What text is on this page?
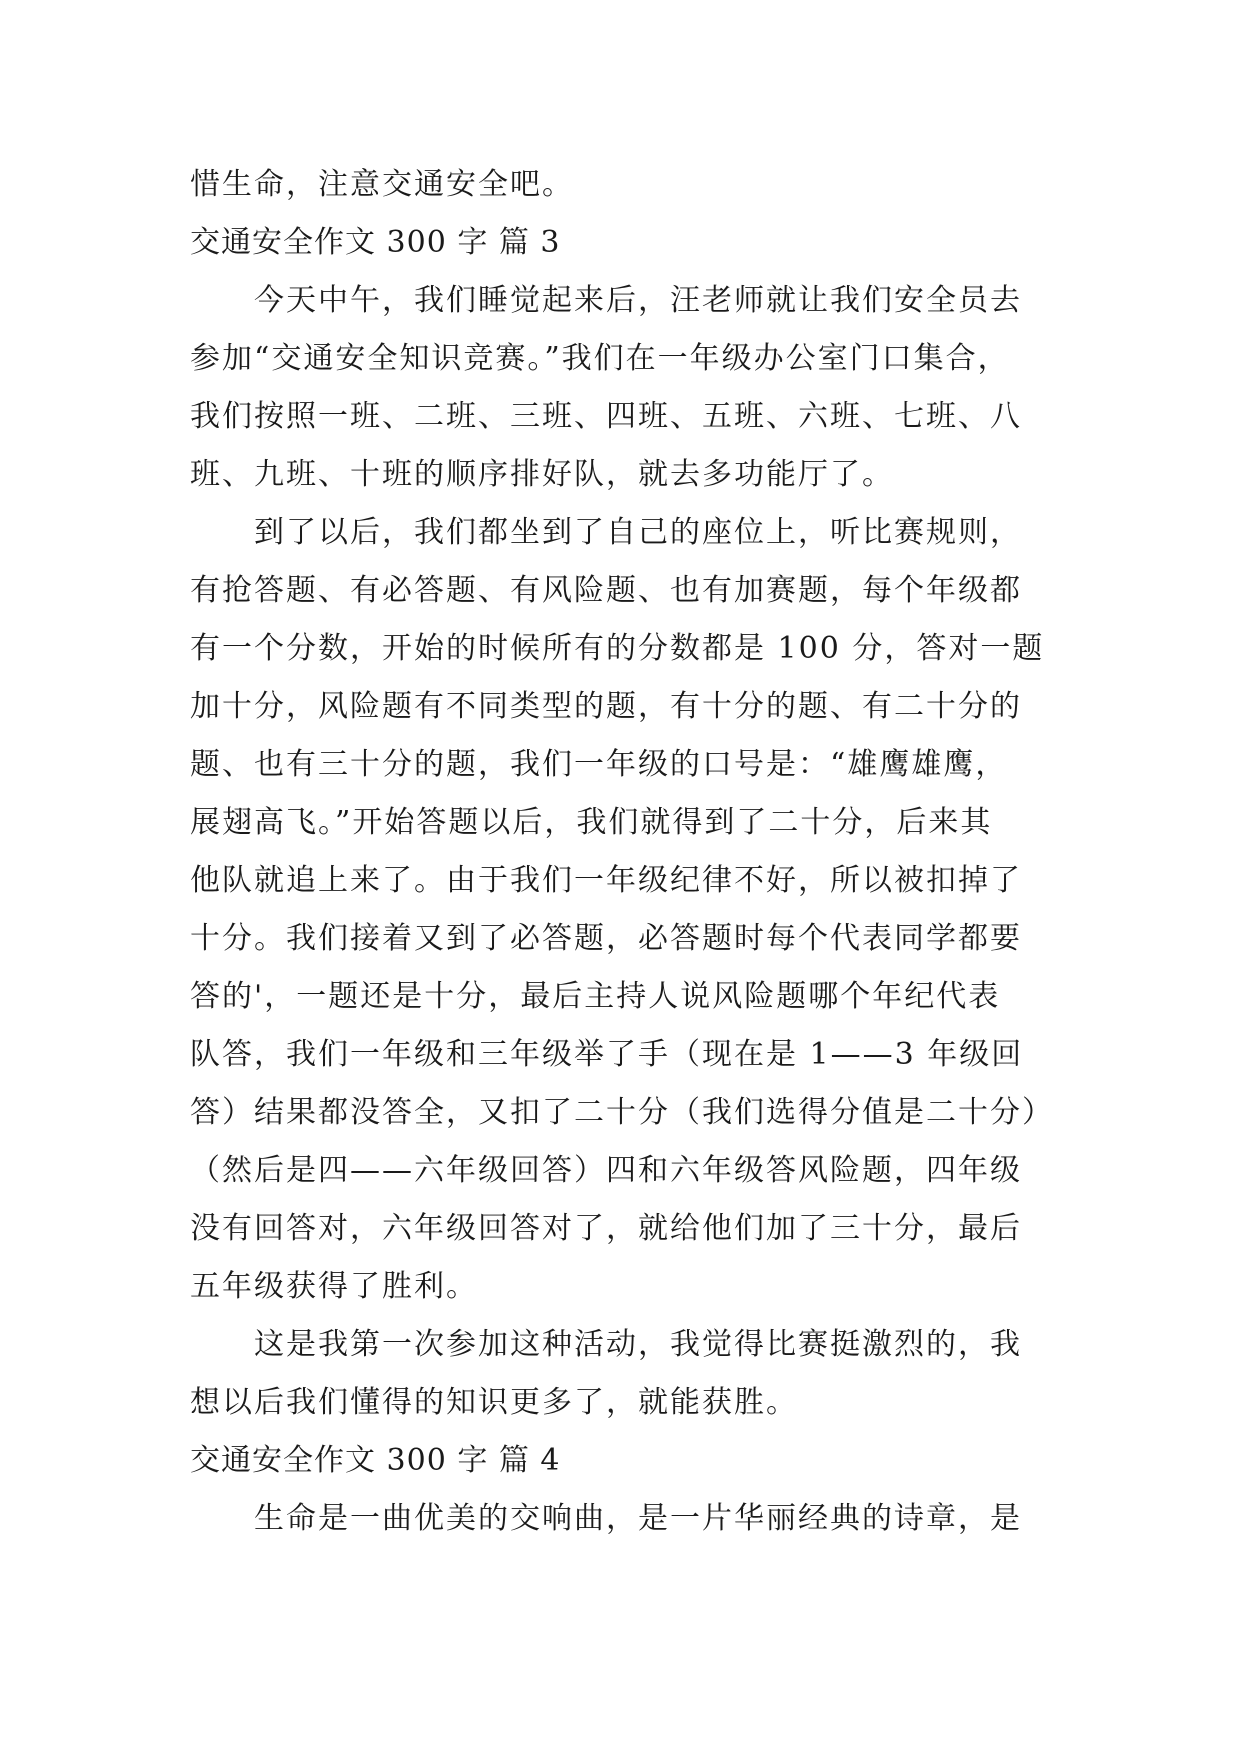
惜生命，注意交通安全吧。
交通安全作文 300 字 篇 3
今天中午，我们睡觉起来后，汪老师就让我们安全员去
参加“交通安全知识竞赛。”我们在一年级办公室门口集合，
我们按照一班、二班、三班、四班、五班、六班、七班、八
班、九班、十班的顺序排好队，就去多功能厅了。
到了以后，我们都坐到了自己的座位上，听比赛规则，
有抢答题、有必答题、有风险题、也有加赛题，每个年级都
有一个分数，开始的时候所有的分数都是 100 分，答对一题
加十分，风险题有不同类型的题，有十分的题、有二十分的
题、也有三十分的题，我们一年级的口号是：“雄鹰雄鹰，
展翅高飞。”开始答题以后，我们就得到了二十分，后来其
他队就追上来了。由于我们一年级纪律不好，所以被扣掉了
十分。我们接着又到了必答题，必答题时每个代表同学都要
答的'，一题还是十分，最后主持人说风险题哪个年纪代表
队答，我们一年级和三年级举了手（现在是 1——3 年级回
答）结果都没答全，又扣了二十分（我们选得分值是二十分）
（然后是四——六年级回答）四和六年级答风险题，四年级
没有回答对，六年级回答对了，就给他们加了三十分，最后
五年级获得了胜利。
这是我第一次参加这种活动，我觉得比赛挺激烈的，我
想以后我们懂得的知识更多了，就能获胜。
交通安全作文 300 字 篇 4
生命是一曲优美的交响曲，是一片华丽经典的诗章，是
